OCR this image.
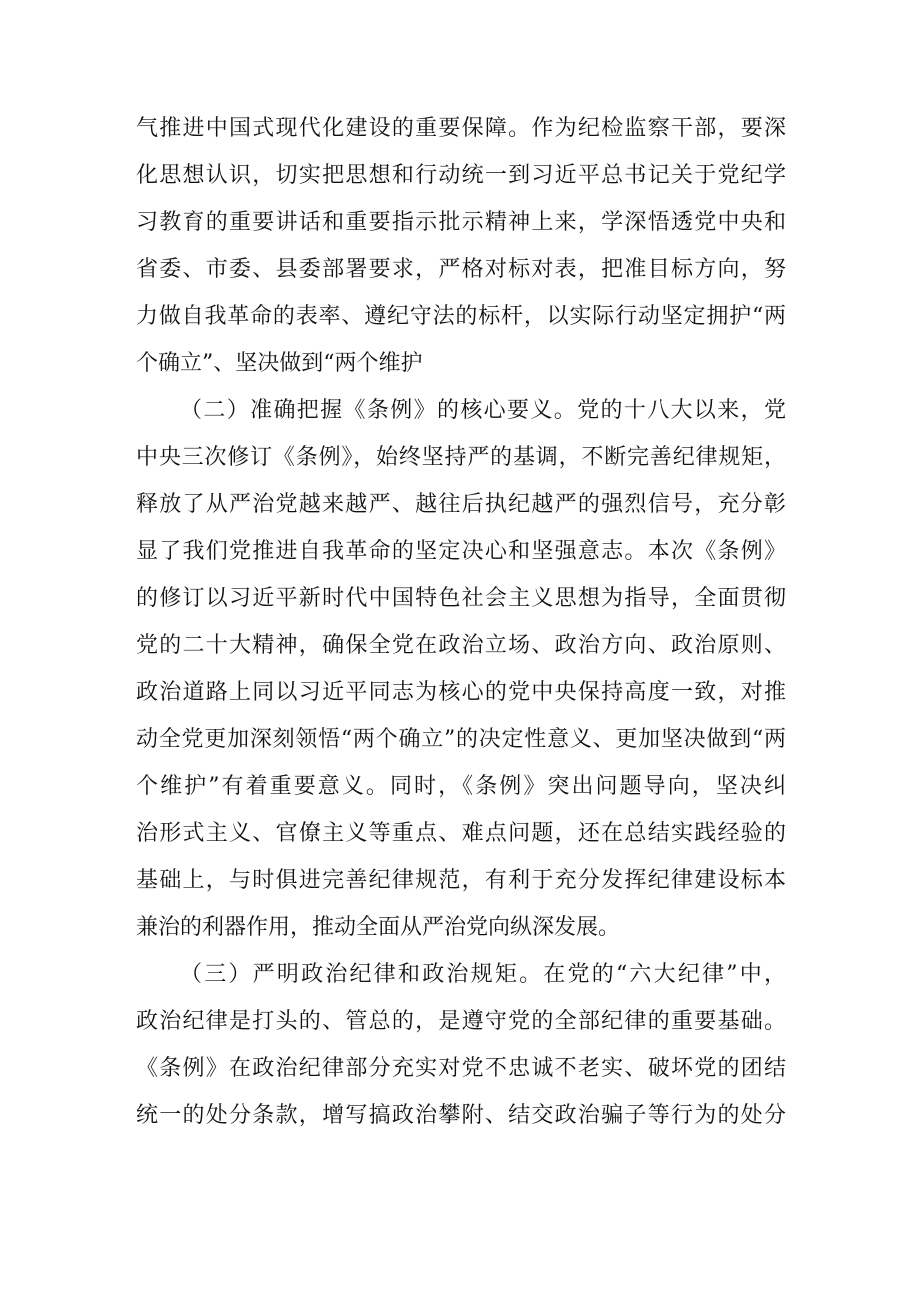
气推进中国式现代化建设的重要保障。作为纪检监察干部，要深
化思想认识，切实把思想和行动统一到习近平总书记关于党纪学
习教育的重要讲话和重要指示批示精神上来，学深悟透党中央和
省委、市委、县委部署要求，严格对标对表，把准目标方向，努
力做自我革命的表率、遵纪守法的标杆，以实际行动坚定拥护“两
个确立”、坚决做到“两个维护
（二）准确把握《条例》的核心要义。党的十八大以来，党
中央三次修订《条例》，始终坚持严的基调，不断完善纪律规矩，
释放了从严治党越来越严、越往后执纪越严的强烈信号，充分彰
显了我们党推进自我革命的坚定决心和坚强意志。本次《条例》
的修订以习近平新时代中国特色社会主义思想为指导，全面贯彻
党的二十大精神，确保全党在政治立场、政治方向、政治原则、
政治道路上同以习近平同志为核心的党中央保持高度一致，对推
动全党更加深刻领悟“两个确立”的决定性意义、更加坚决做到“两
个维护”有着重要意义。同时，《条例》突出问题导向，坚决纠
治形式主义、官僚主义等重点、难点问题，还在总结实践经验的
基础上，与时俱进完善纪律规范，有利于充分发挥纪律建设标本
兼治的利器作用，推动全面从严治党向纵深发展。
（三）严明政治纪律和政治规矩。在党的“六大纪律”中，
政治纪律是打头的、管总的，是遵守党的全部纪律的重要基础。
《条例》在政治纪律部分充实对党不忠诚不老实、破坏党的团结
统一的处分条款，增写搞政治攀附、结交政治骗子等行为的处分
